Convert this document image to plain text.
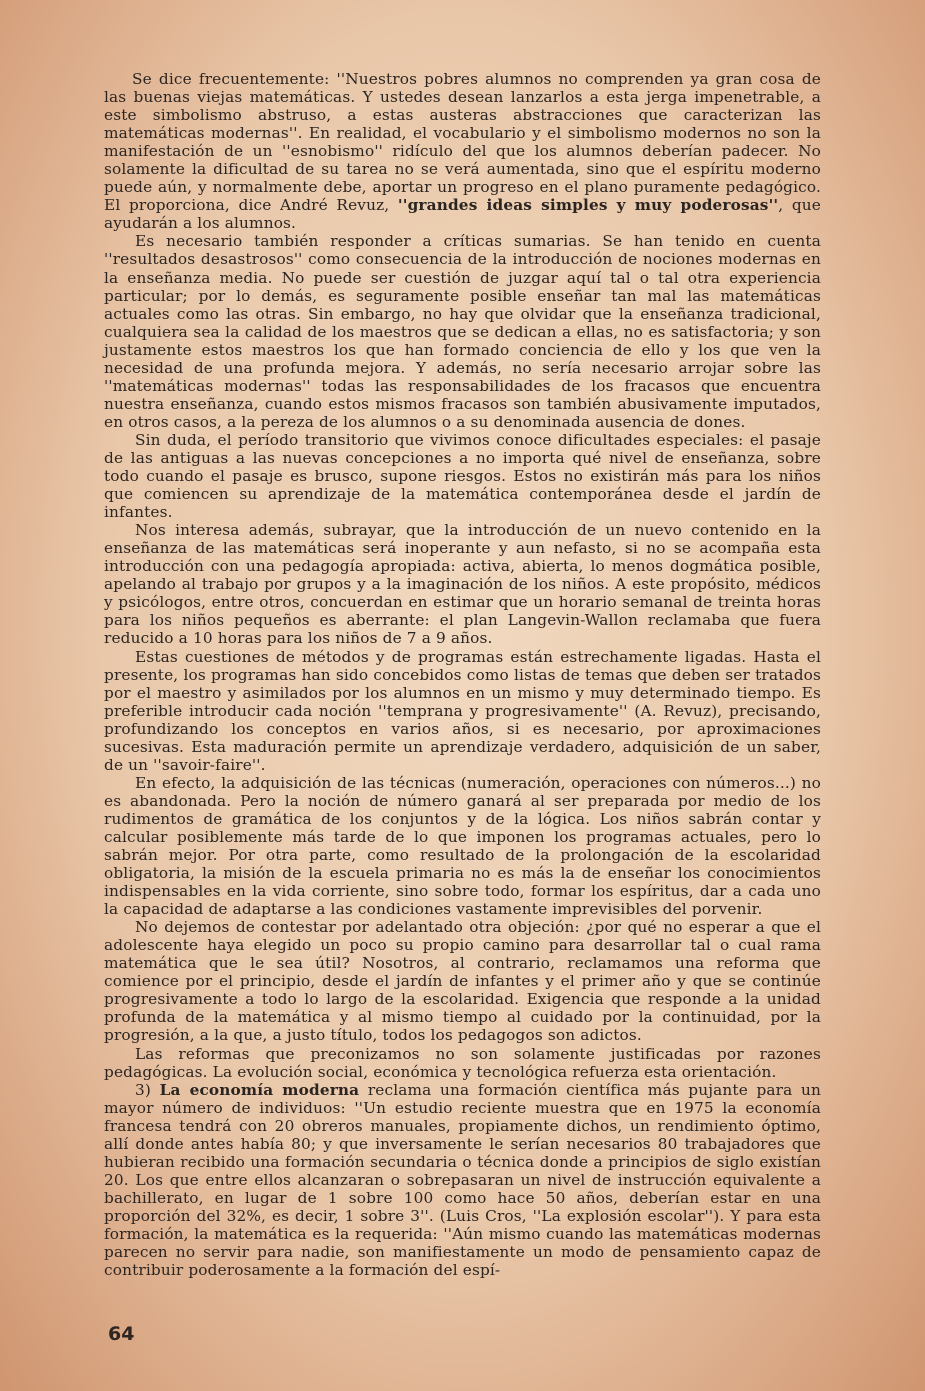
Se dice frecuentemente: ''Nuestros pobres alumnos no comprenden ya gran cosa de las buenas viejas matemáticas. Y ustedes desean lanzarlos a esta jerga impenetrable, a este simbolismo abstruso, a estas austeras abstracciones que caracterizan las matemáticas modernas''. En realidad, el vocabulario y el simbolismo modernos no son la manifestación de un ''esnobismo'' ridículo del que los alumnos deberían padecer. No solamente la dificultad de su tarea no se verá aumentada, sino que el espíritu moderno puede aún, y normalmente debe, aportar un progreso en el plano puramente pedagógico. El proporciona, dice André Revuz, ''grandes ideas simples y muy poderosas'', que ayudarán a los alumnos.

Es necesario también responder a críticas sumarias. Se han tenido en cuenta ''resultados desastrosos'' como consecuencia de la introducción de nociones modernas en la enseñanza media. No puede ser cuestión de juzgar aquí tal o tal otra experiencia particular; por lo demás, es seguramente posible enseñar tan mal las matemáticas actuales como las otras. Sin embargo, no hay que olvidar que la enseñanza tradicional, cualquiera sea la calidad de los maestros que se dedican a ellas, no es satisfactoria; y son justamente estos maestros los que han formado conciencia de ello y los que ven la necesidad de una profunda mejora. Y además, no sería necesario arrojar sobre las ''matemáticas modernas'' todas las responsabilidades de los fracasos que encuentra nuestra enseñanza, cuando estos mismos fracasos son también abusivamente imputados, en otros casos, a la pereza de los alumnos o a su denominada ausencia de dones.

Sin duda, el período transitorio que vivimos conoce dificultades especiales: el pasaje de las antiguas a las nuevas concepciones a no importa qué nivel de enseñanza, sobre todo cuando el pasaje es brusco, supone riesgos. Estos no existirán más para los niños que comiencen su aprendizaje de la matemática contemporánea desde el jardín de infantes.

Nos interesa además, subrayar, que la introducción de un nuevo contenido en la enseñanza de las matemáticas será inoperante y aun nefasto, si no se acompaña esta introducción con una pedagogía apropiada: activa, abierta, lo menos dogmática posible, apelando al trabajo por grupos y a la imaginación de los niños. A este propósito, médicos y psicólogos, entre otros, concuerdan en estimar que un horario semanal de treinta horas para los niños pequeños es aberrante: el plan Langevin-Wallon reclamaba que fuera reducido a 10 horas para los niños de 7 a 9 años.

Estas cuestiones de métodos y de programas están estrechamente ligadas. Hasta el presente, los programas han sido concebidos como listas de temas que deben ser tratados por el maestro y asimilados por los alumnos en un mismo y muy determinado tiempo. Es preferible introducir cada noción ''temprana y progresivamente'' (A. Revuz), precisando, profundizando los conceptos en varios años, si es necesario, por aproximaciones sucesivas. Esta maduración permite un aprendizaje verdadero, adquisición de un saber, de un ''savoir-faire''.

En efecto, la adquisición de las técnicas (numeración, operaciones con números...) no es abandonada. Pero la noción de número ganará al ser preparada por medio de los rudimentos de gramática de los conjuntos y de la lógica. Los niños sabrán contar y calcular posiblemente más tarde de lo que imponen los programas actuales, pero lo sabrán mejor. Por otra parte, como resultado de la prolongación de la escolaridad obligatoria, la misión de la escuela primaria no es más la de enseñar los conocimientos indispensables en la vida corriente, sino sobre todo, formar los espíritus, dar a cada uno la capacidad de adaptarse a las condiciones vastamente imprevisibles del porvenir.

No dejemos de contestar por adelantado otra objeción: ¿por qué no esperar a que el adolescente haya elegido un poco su propio camino para desarrollar tal o cual rama matemática que le sea útil? Nosotros, al contrario, reclamamos una reforma que comience por el principio, desde el jardín de infantes y el primer año y que se continúe progresivamente a todo lo largo de la escolaridad. Exigencia que responde a la unidad profunda de la matemática y al mismo tiempo al cuidado por la continuidad, por la progresión, a la que, a justo título, todos los pedagogos son adictos.

Las reformas que preconizamos no son solamente justificadas por razones pedagógicas. La evolución social, económica y tecnológica refuerza esta orientación.

3) La economía moderna reclama una formación científica más pujante para un mayor número de individuos: ''Un estudio reciente muestra que en 1975 la economía francesa tendrá con 20 obreros manuales, propiamente dichos, un rendimiento óptimo, allí donde antes había 80; y que inversamente le serían necesarios 80 trabajadores que hubieran recibido una formación secundaria o técnica donde a principios de siglo existían 20. Los que entre ellos alcanzaran o sobrepasaran un nivel de instrucción equivalente a bachillerato, en lugar de 1 sobre 100 como hace 50 años, deberían estar en una proporción del 32%, es decir, 1 sobre 3''. (Luis Cros, ''La explosión escolar''). Y para esta formación, la matemática es la requerida: ''Aún mismo cuando las matemáticas modernas parecen no servir para nadie, son manifiestamente un modo de pensamiento capaz de contribuir poderosamente a la formación del espí-

64
